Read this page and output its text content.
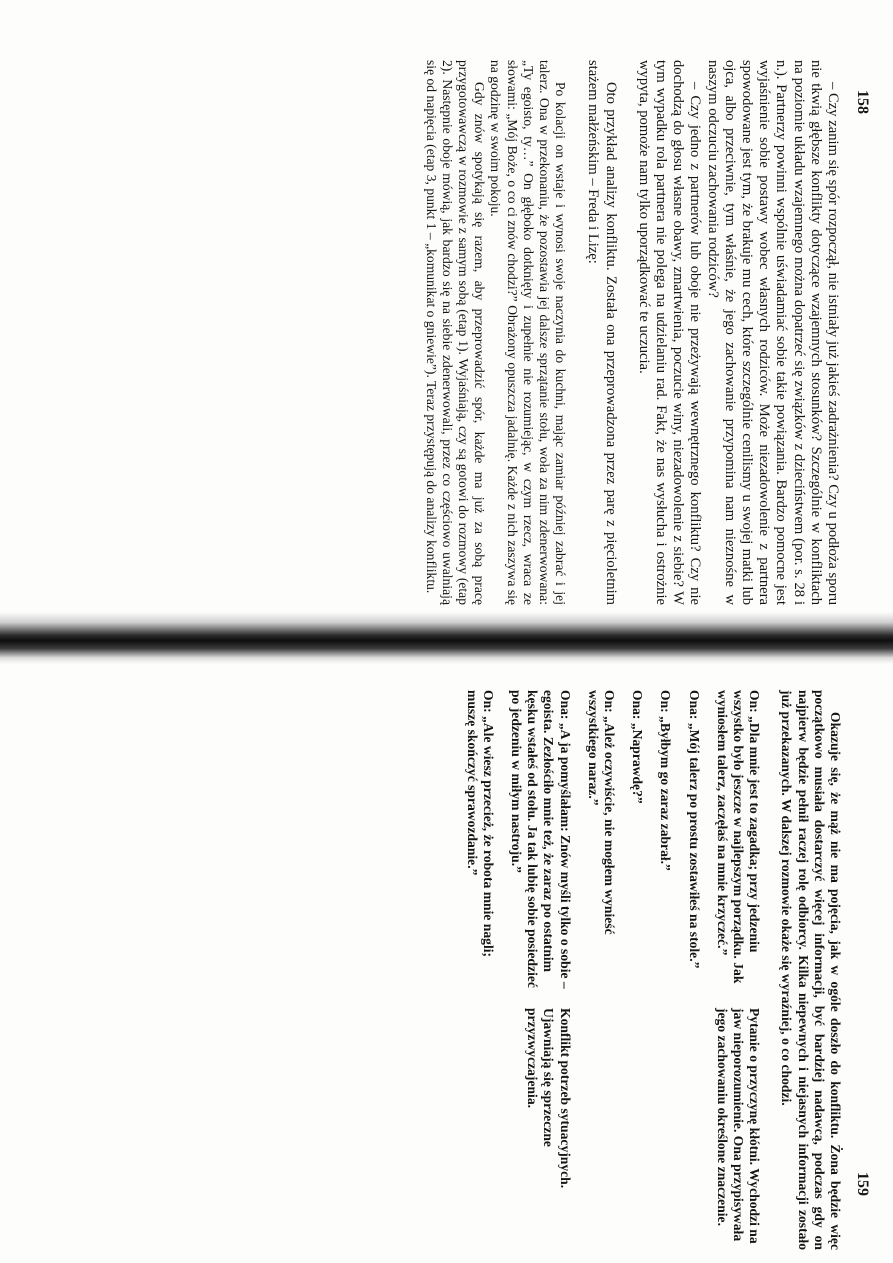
158

– Czy zanim się spór rozpoczął, nie istniały już jakieś zadrażnienia? Czy u podłoża sporu nie tkwią głębsze konflikty dotyczące wzajemnych stosunków? Szczególnie w konfliktach na poziomie układu wzajemnego można dopatrzeć się związków z dzieciństwem (por. s. 28 i n.). Partnerzy powinni wspólnie uświadamiać sobie takie powiązania. Bardzo pomocne jest wyjaśnienie sobie postawy wobec własnych rodziców. Może niezadowolenie z partnera spowodowane jest tym, że brakuje mu cech, które szczególnie cenilismy u swojej matki lub ojca, albo przeciwnie, tym właśnie, że jego zachowanie przypomina nam nieznośne w naszym odczuciu zachowania rodziców?

– Czy jedno z partnerów lub oboje nie przeżywają wewnętrznego konfliktu? Czy nie dochodzą do głosu własne obawy, zmartwienia, poczucie winy, niezadowolenie z siebie? W tym wypadku rola partnera nie polega na udzielaniu rad. Fakt, że nas wysłucha i ostrożnie wypyta, pomoże nam tylko uporządkować te uczucia.

Oto przykład analizy konfliktu. Została ona przeprowadzona przez parę z pięcioletnim stażem małżeńskim – Freda i Lizę:

Po kolacji on wstaje i wynosi swoje naczynia do kuchni, mając zamiar później zabrać i jej talerz. Ona w przekonaniu, że pozostawia jej dalsze sprzątanie stołu, woła za nim zdenerwowana: „Ty egoisto, ty…” On głęboko dotknięty i zupełnie nie rozumiejąc, w czym rzecz, wraca ze słowami: „Mój Boże, o co ci znów chodzi?” Obrażony opuszcza jadalnię. Każde z nich zaszywa się na godzinę w swoim pokoju.

Gdy znów spotykają się razem, aby przeprowadzić spór, każde ma już za sobą pracę przygotowawczą w rozmowie z samym sobą (etap 1). Wyjaśniają, czy są gotowi do rozmowy (etap 2). Następnie oboje mówią, jak bardzo się na siebie zdenerwowali, przez co częściowo uwalniają się od napięcia (etap 3, punkt 1 – „komunikat o gniewie”). Teraz przystępują do analizy konfliktu.

159

Okazuje się, że mąż nie ma pojęcia, jak w ogóle doszło do konfliktu. Żona będzie więc początkowo musiała dostarczyć więcej informacji, być bardziej nadawcą, podczas gdy on najpierw będzie pełnił raczej rolę odbiorcy. Kilka niepewnych i niejasnych informacji zostało już przekazanych. W dalszej rozmowie okaże się wyraźniej, o co chodzi.

On: „Dla mnie jest to zagadka; przy jedzeniu wszystko było jeszcze w najlepszym porządku. Jak wyniosłem talerz, zaczęłaś na mnie krzyczeć.”
Pytanie o przyczynę kłótni. Wychodzi na jaw nieporozumienie. Ona przypisywała jego zachowaniu określone znaczenie.
Ona: „Mój talerz po prostu zostawiłeś na stole.”
On: „Byłbym go zaraz zabrał.”
Ona: „Naprawdę?”
On: „Ależ oczywiście, nie mogłem wynieść wszystkiego naraz.”
Ona: „A ja pomyślałam: Znów myśli tylko o sobie – egoista. Zezłościło mnie też, że zaraz po ostatnim kęsku wstałeś od stołu. Ja tak lubię sobie posiedzieć po jedzeniu w miłym nastroju.”
Konflikt potrzeb sytuacyjnych. Ujawniają się sprzeczne przyzwyczajenia.
On: „Ale wiesz przecież, że robota mnie nagli; muszę skończyć sprawozdanie.”
